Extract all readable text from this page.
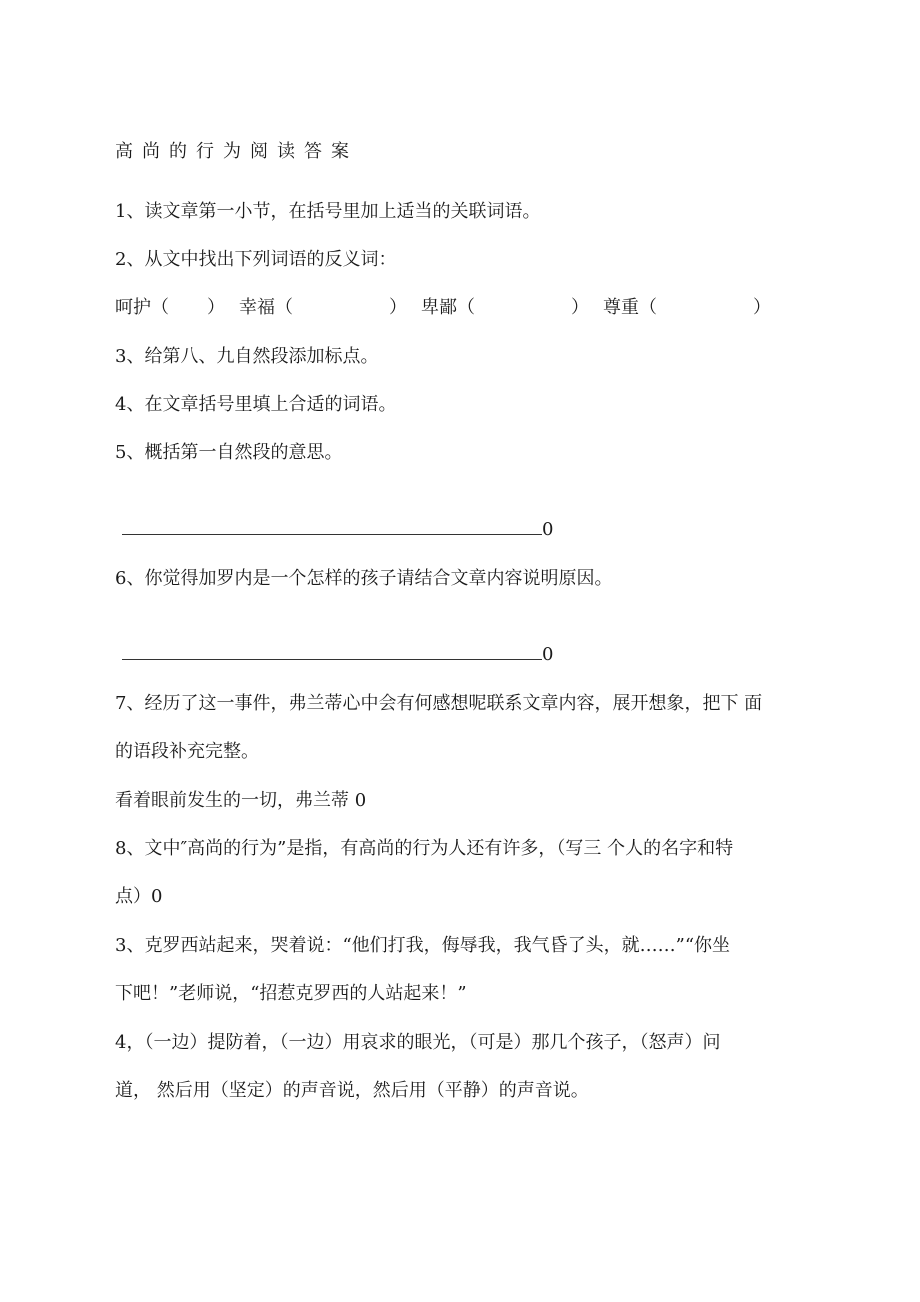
高尚的行为阅读答案
1、读文章第一小节，在括号里加上适当的关联词语。
2、从文中找出下列词语的反义词：
呵护（ ） 幸福（	） 卑鄙（	） 尊重（	）
3、给第八、九自然段添加标点。
4、在文章括号里填上合适的词语。
5、概括第一自然段的意思。
0
6、你觉得加罗内是一个怎样的孩子请结合文章内容说明原因。
0
7、经历了这一事件，弗兰蒂心中会有何感想呢联系文章内容，展开想象，把下 面
的语段补充完整。
看着眼前发生的一切，弗兰蒂 0
8、文中″高尚的行为”是指，有高尚的行为人还有许多，（写三 个人的名字和特
点）0
3、克罗西站起来，哭着说：“他们打我，侮辱我，我气昏了头，就……”“你坐
下吧！”老师说，“招惹克罗西的人站起来！”
4，（一边）提防着，（一边）用哀求的眼光，（可是）那几个孩子，（怒声）问
道， 然后用（坚定）的声音说，然后用（平静）的声音说。
